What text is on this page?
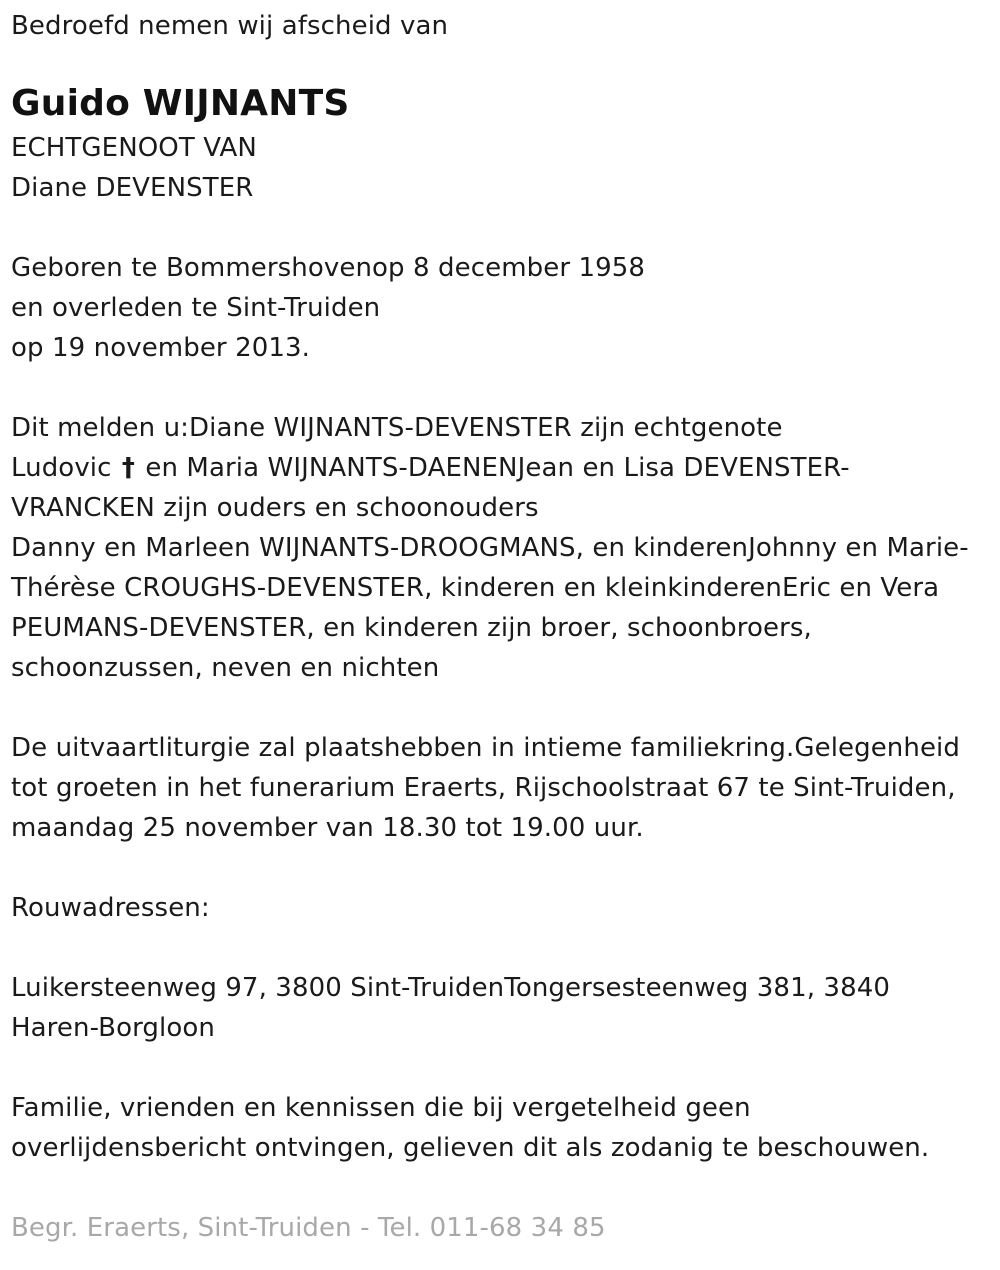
Bedroefd nemen wij afscheid van
Guido WIJNANTS
ECHTGENOOT VAN
Diane DEVENSTER
Geboren te Bommershovenop 8 december 1958
en overleden te Sint-Truiden
op 19 november 2013.
Dit melden u:Diane WIJNANTS-DEVENSTER zijn echtgenote
Ludovic † en Maria WIJNANTS-DAENENJean en Lisa DEVENSTER-
VRANCKEN zijn ouders en schoonouders
Danny en Marleen WIJNANTS-DROOGMANS, en kinderenJohnny en Marie-
Thérèse CROUGHS-DEVENSTER, kinderen en kleinkinderenEric en Vera
PEUMANS-DEVENSTER, en kinderen zijn broer, schoonbroers,
schoonzussen, neven en nichten
De uitvaartliturgie zal plaatshebben in intieme familiekring.Gelegenheid
tot groeten in het funerarium Eraerts, Rijschoolstraat 67 te Sint-Truiden,
maandag 25 november van 18.30 tot 19.00 uur.
Rouwadressen:
Luikersteenweg 97, 3800 Sint-TruidenTongersesteenweg 381, 3840
Haren-Borgloon
Familie, vrienden en kennissen die bij vergetelheid geen
overlijdensbericht ontvingen, gelieven dit als zodanig te beschouwen.
Begr. Eraerts, Sint-Truiden - Tel. 011-68 34 85
